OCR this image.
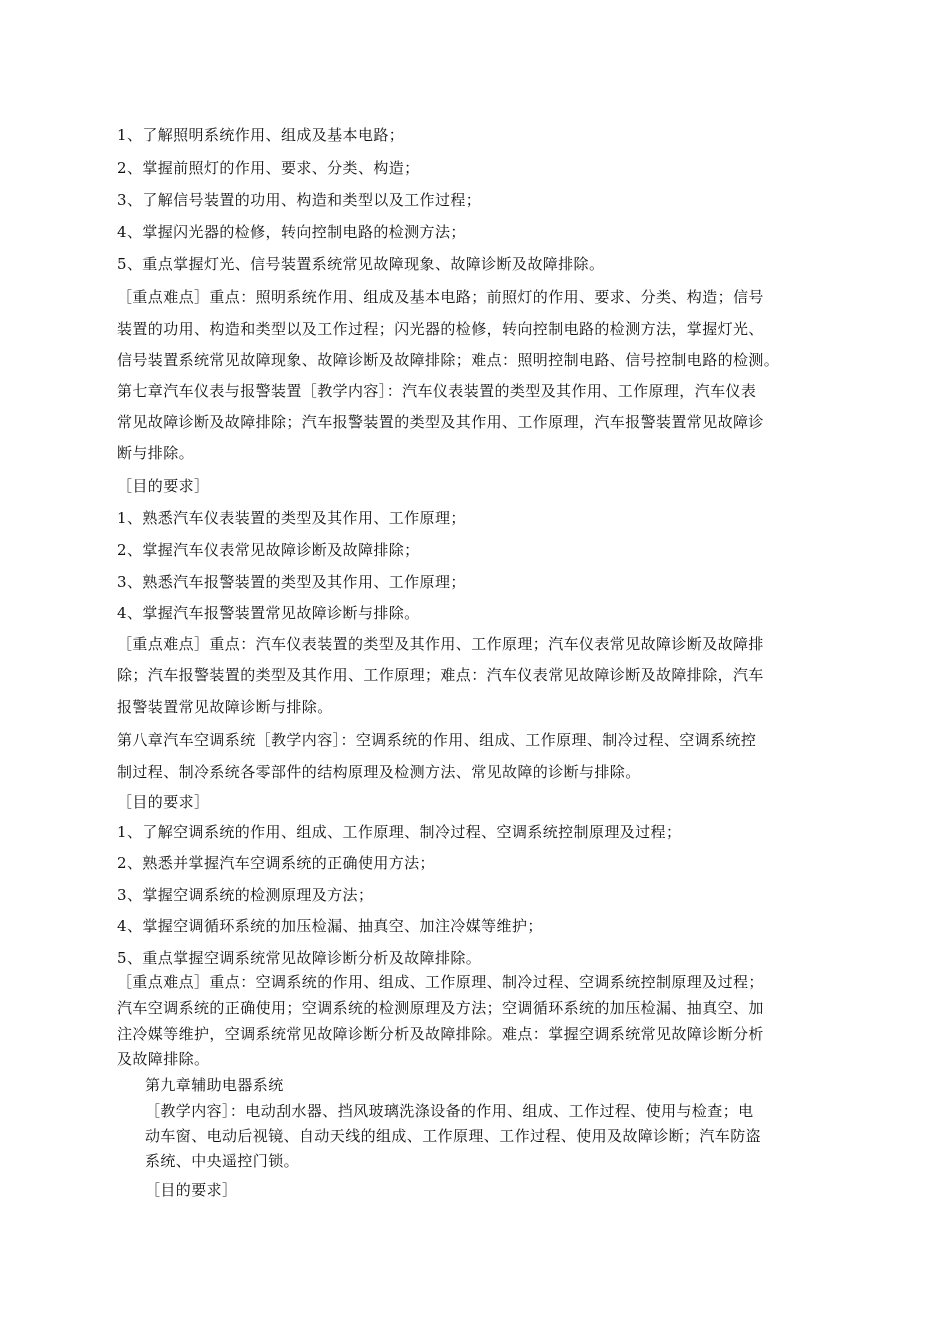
1、了解照明系统作用、组成及基本电路；
2、掌握前照灯的作用、要求、分类、构造；
3、了解信号装置的功用、构造和类型以及工作过程；
4、掌握闪光器的检修，转向控制电路的检测方法；
5、重点掌握灯光、信号装置系统常见故障现象、故障诊断及故障排除。
［重点难点］重点：照明系统作用、组成及基本电路；前照灯的作用、要求、分类、构造；信号
装置的功用、构造和类型以及工作过程；闪光器的检修，转向控制电路的检测方法，掌握灯光、
信号装置系统常见故障现象、故障诊断及故障排除；难点：照明控制电路、信号控制电路的检测。
第七章汽车仪表与报警装置［教学内容］：汽车仪表装置的类型及其作用、工作原理，汽车仪表
常见故障诊断及故障排除；汽车报警装置的类型及其作用、工作原理，汽车报警装置常见故障诊
断与排除。
［目的要求］
1、熟悉汽车仪表装置的类型及其作用、工作原理；
2、掌握汽车仪表常见故障诊断及故障排除；
3、熟悉汽车报警装置的类型及其作用、工作原理；
4、掌握汽车报警装置常见故障诊断与排除。
［重点难点］重点：汽车仪表装置的类型及其作用、工作原理；汽车仪表常见故障诊断及故障排
除；汽车报警装置的类型及其作用、工作原理；难点：汽车仪表常见故障诊断及故障排除，汽车
报警装置常见故障诊断与排除。
第八章汽车空调系统［教学内容］：空调系统的作用、组成、工作原理、制冷过程、空调系统控
制过程、制冷系统各零部件的结构原理及检测方法、常见故障的诊断与排除。
［目的要求］
1、了解空调系统的作用、组成、工作原理、制冷过程、空调系统控制原理及过程；
2、熟悉并掌握汽车空调系统的正确使用方法；
3、掌握空调系统的检测原理及方法；
4、掌握空调循环系统的加压检漏、抽真空、加注冷媒等维护；
5、重点掌握空调系统常见故障诊断分析及故障排除。
［重点难点］重点：空调系统的作用、组成、工作原理、制冷过程、空调系统控制原理及过程；
汽车空调系统的正确使用；空调系统的检测原理及方法；空调循环系统的加压检漏、抽真空、加
注冷媒等维护，空调系统常见故障诊断分析及故障排除。难点：掌握空调系统常见故障诊断分析
及故障排除。
第九章辅助电器系统
［教学内容］：电动刮水器、挡风玻璃洗涤设备的作用、组成、工作过程、使用与检查；电
动车窗、电动后视镜、自动天线的组成、工作原理、工作过程、使用及故障诊断；汽车防盗
系统、中央遥控门锁。
［目的要求］
